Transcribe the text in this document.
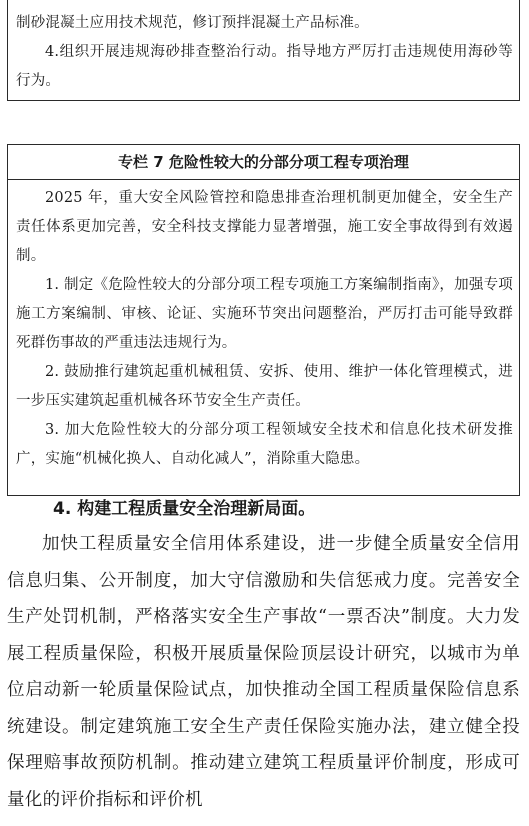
制砂混凝土应用技术规范，修订预拌混凝土产品标准。

4.组织开展违规海砂排查整治行动。指导地方严厉打击违规使用海砂等行为。

专栏 7 危险性较大的分部分项工程专项治理

2025 年，重大安全风险管控和隐患排查治理机制更加健全，安全生产责任体系更加完善，安全科技支撑能力显著增强，施工安全事故得到有效遏制。

1. 制定《危险性较大的分部分项工程专项施工方案编制指南》，加强专项施工方案编制、审核、论证、实施环节突出问题整治，严厉打击可能导致群死群伤事故的严重违法违规行为。

2. 鼓励推行建筑起重机械租赁、安拆、使用、维护一体化管理模式，进一步压实建筑起重机械各环节安全生产责任。

3. 加大危险性较大的分部分项工程领域安全技术和信息化技术研发推广，实施“机械化换人、自动化减人”，消除重大隐患。

4. 构建工程质量安全治理新局面。

加快工程质量安全信用体系建设，进一步健全质量安全信用信息归集、公开制度，加大守信激励和失信惩戒力度。完善安全生产处罚机制，严格落实安全生产事故“一票否决”制度。大力发展工程质量保险，积极开展质量保险顶层设计研究，以城市为单位启动新一轮质量保险试点，加快推动全国工程质量保险信息系统建设。制定建筑施工安全生产责任保险实施办法，建立健全投保理赔事故预防机制。推动建立建筑工程质量评价制度，形成可量化的评价指标和评价机
